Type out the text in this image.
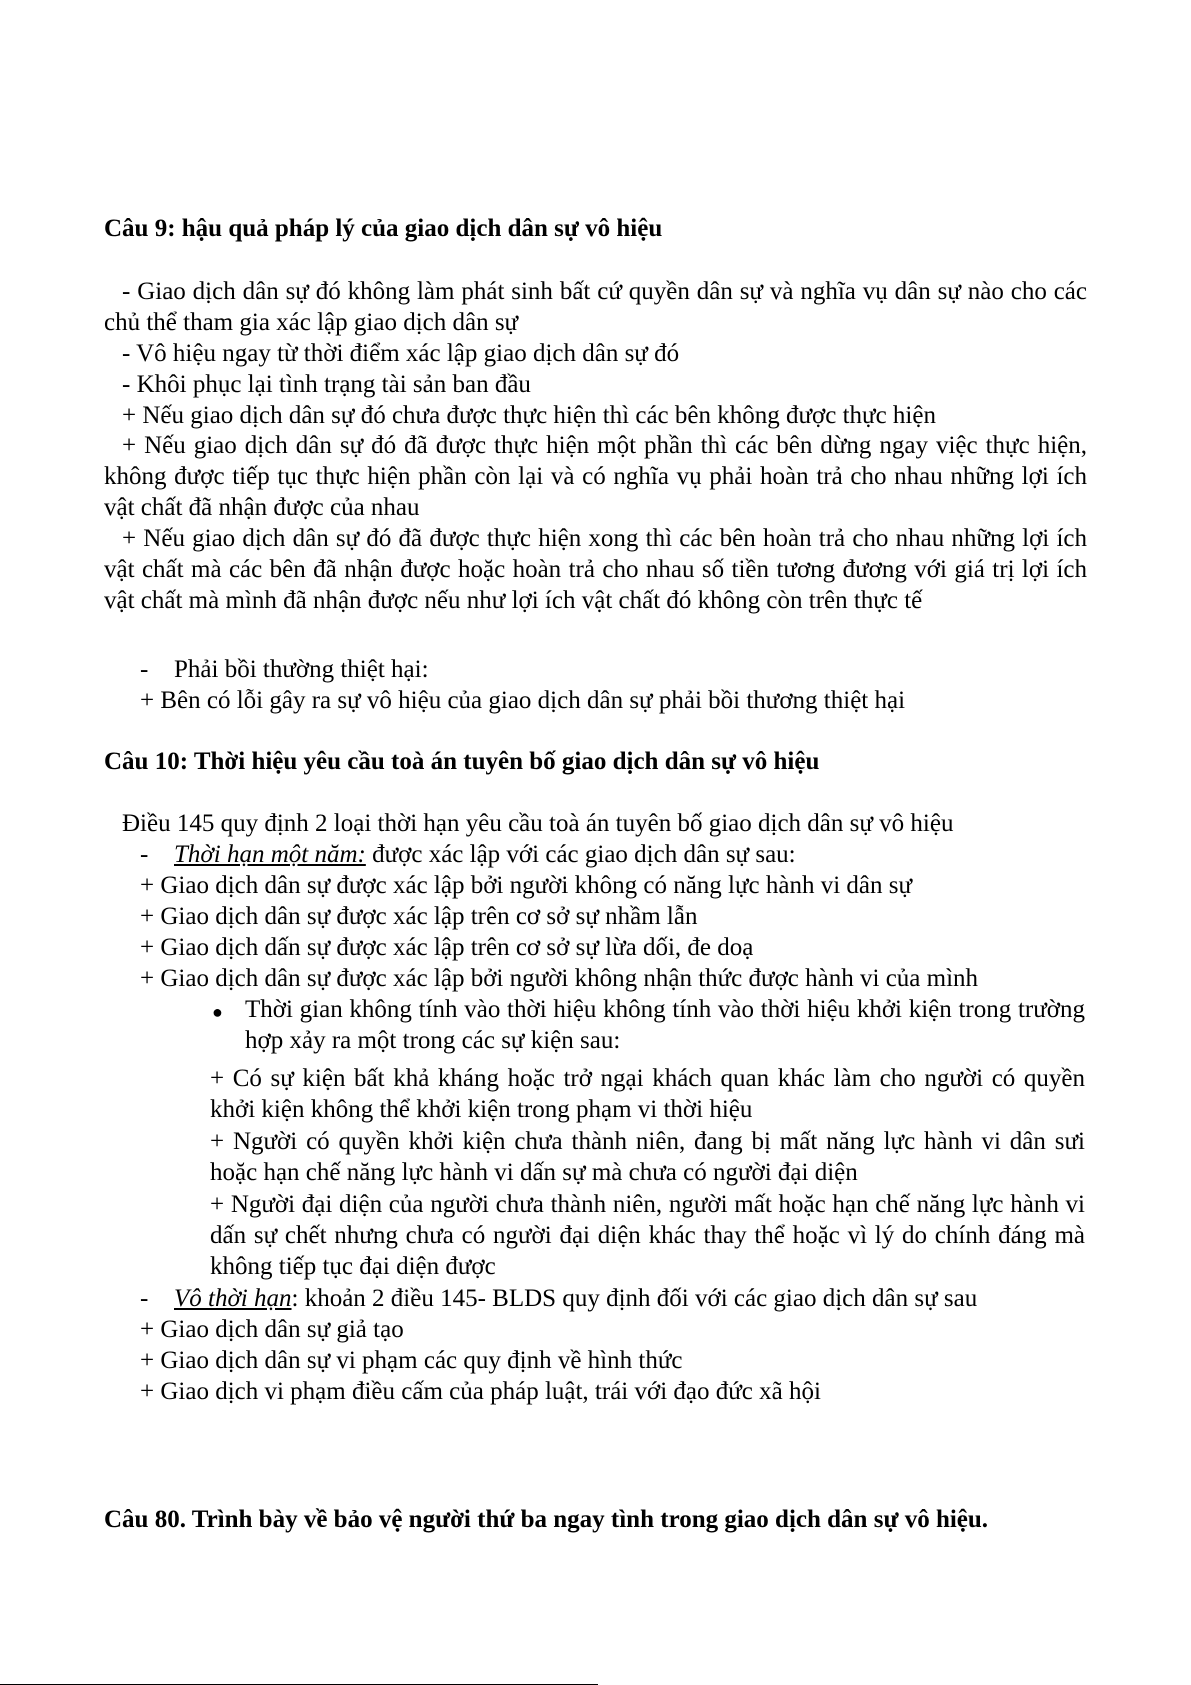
Câu 9: hậu quả pháp lý của giao dịch dân sự vô hiệu
- Giao dịch dân sự đó không làm phát sinh bất cứ quyền dân sự và nghĩa vụ dân sự nào cho các chủ thể tham gia xác lập giao dịch dân sự
- Vô hiệu ngay từ thời điểm xác lập giao dịch dân sự đó
- Khôi phục lại tình trạng tài sản ban đầu
+ Nếu giao dịch dân sự đó chưa được thực hiện thì các bên không được thực hiện
+ Nếu giao dịch dân sự đó đã được thực hiện một phần thì các bên dừng ngay việc thực hiện, không được tiếp tục thực hiện phần còn lại và có nghĩa vụ phải hoàn trả cho nhau những lợi ích vật chất đã nhận được của nhau
+ Nếu giao dịch dân sự đó đã được thực hiện xong thì các bên hoàn trả cho nhau những lợi ích vật chất mà các bên đã nhận được hoặc hoàn trả cho nhau số tiền tương đương với giá trị lợi ích vật chất mà mình đã nhận được nếu như lợi ích vật chất đó không còn trên thực tế
- Phải bồi thường thiệt hại:
+ Bên có lỗi gây ra sự vô hiệu của giao dịch dân sự phải bồi thương thiệt hại
Câu 10: Thời hiệu yêu cầu toà án tuyên bố giao dịch dân sự vô hiệu
Điều 145 quy định 2 loại thời hạn yêu cầu toà án tuyên bố giao dịch dân sự vô hiệu
- Thời hạn một năm: được xác lập với các giao dịch dân sự sau:
+ Giao dịch dân sự được xác lập bởi người không có năng lực hành vi dân sự
+ Giao dịch dân sự được xác lập trên cơ sở sự nhầm lẫn
+ Giao dịch dấn sự được xác lập trên cơ sở sự lừa dối, đe doạ
+ Giao dịch dân sự được xác lập bởi người không nhận thức được hành vi của mình
● Thời gian không tính vào thời hiệu không tính vào thời hiệu khởi kiện trong trường hợp xảy ra một trong các sự kiện sau:
+ Có sự kiện bất khả kháng hoặc trở ngại khách quan khác làm cho người có quyền khởi kiện không thể khởi kiện trong phạm vi thời hiệu
+ Người có quyền khởi kiện chưa thành niên, đang bị mất năng lực hành vi dân sưi hoặc hạn chế năng lực hành vi dấn sự mà chưa có người đại diện
+ Người đại diện của người chưa thành niên, người mất hoặc hạn chế năng lực hành vi dấn sự chết nhưng chưa có người đại diện khác thay thể hoặc vì lý do chính đáng mà không tiếp tục đại diện được
- Vô thời hạn: khoản 2 điều 145- BLDS quy định đối với các giao dịch dân sự sau
+ Giao dịch dân sự giả tạo
+ Giao dịch dân sự vi phạm các quy định về hình thức
+ Giao dịch vi phạm điều cấm của pháp luật, trái với đạo đức xã hội
Câu 80. Trình bày về bảo vệ người thứ ba ngay tình trong giao dịch dân sự vô hiệu.
